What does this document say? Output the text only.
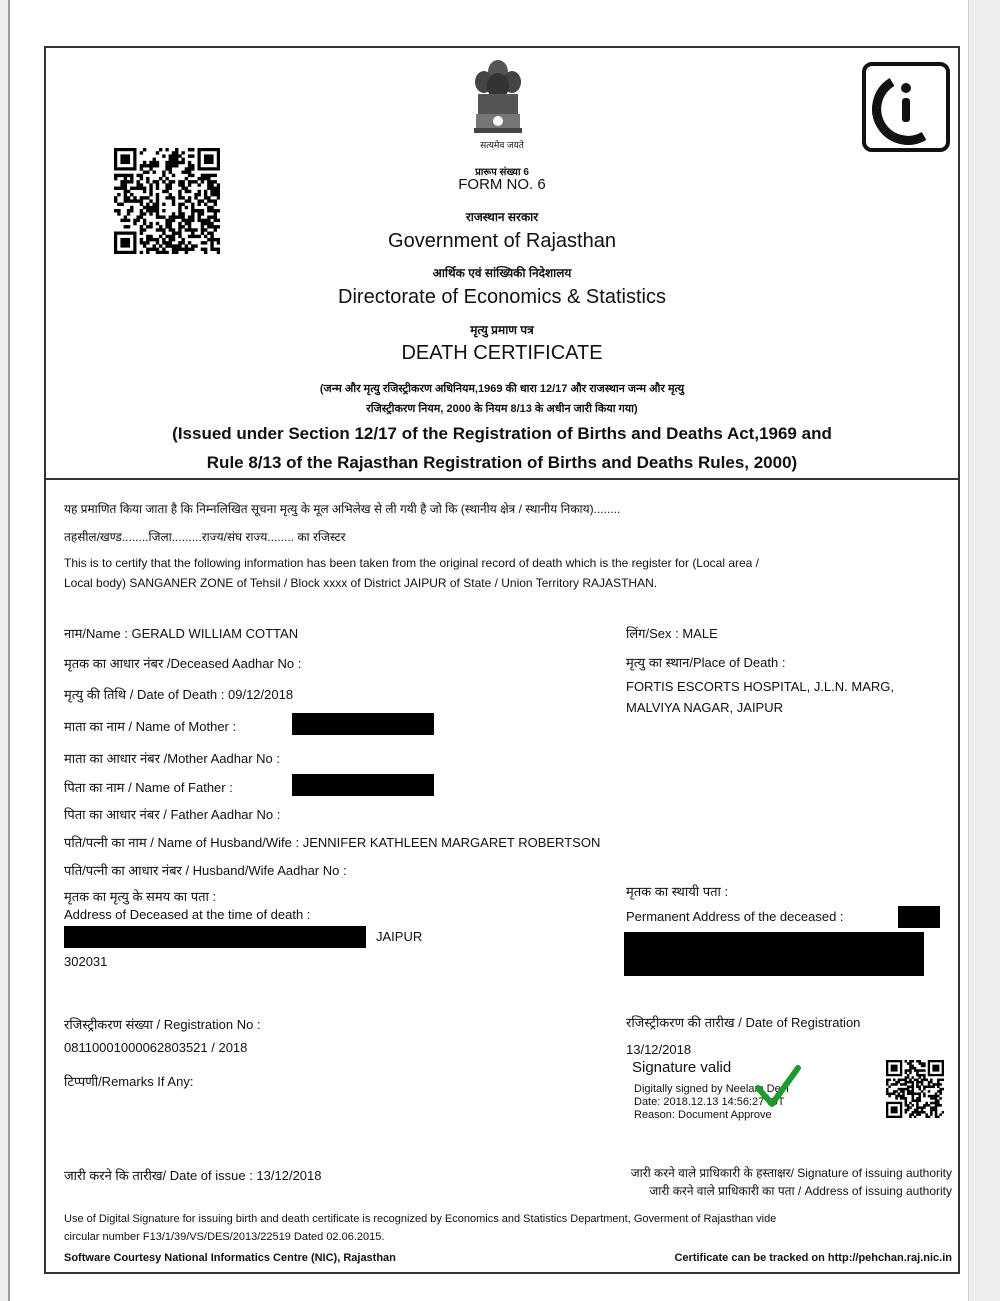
सत्यमेव जयते
प्रारूप संख्या 6
FORM NO. 6
राजस्थान सरकार
Government of Rajasthan
आर्थिक एवं सांख्यिकी निदेशालय
Directorate of Economics & Statistics
मृत्यु प्रमाण पत्र
DEATH CERTIFICATE
(जन्म और मृत्यु रजिस्ट्रीकरण अधिनियम,1969 की धारा 12/17 और राजस्थान जन्म और मृत्यु
रजिस्ट्रीकरण नियम, 2000 के नियम 8/13 के अधीन जारी किया गया)
(Issued under Section 12/17 of the Registration of Births and Deaths Act,1969 and
Rule 8/13 of the Rajasthan Registration of Births and Deaths Rules, 2000)
यह प्रमाणित किया जाता है कि निम्नलिखित सूचना मृत्यु के मूल अभिलेख से ली गयी है जो कि (स्थानीय क्षेत्र / स्थानीय निकाय)........
तहसील/खण्ड........जिला.........राज्य/संघ राज्य........ का रजिस्टर
This is to certify that the following information has been taken from the original record of death which is the register for (Local area /
Local body) SANGANER ZONE of Tehsil / Block xxxx of District JAIPUR of State / Union Territory RAJASTHAN.
नाम/Name : GERALD WILLIAM COTTAN
मृतक का आधार नंबर /Deceased Aadhar No :
मृत्यु की तिथि / Date of Death : 09/12/2018
माता का नाम / Name of Mother :
माता का आधार नंबर /Mother Aadhar No :
पिता का नाम / Name of Father :
पिता का आधार नंबर / Father Aadhar No :
पति/पत्नी का नाम / Name of Husband/Wife : JENNIFER KATHLEEN MARGARET ROBERTSON
पति/पत्नी का आधार नंबर / Husband/Wife Aadhar No :
मृतक का मृत्यु के समय का पता :
Address of Deceased at the time of death :
JAIPUR
302031
रजिस्ट्रीकरण संख्या / Registration No :
08110001000062803521 / 2018
टिप्पणी/Remarks If Any:
जारी करने कि तारीख/ Date of issue : 13/12/2018
लिंग/Sex : MALE
मृत्यु का स्थान/Place of Death :
FORTIS ESCORTS HOSPITAL, J.L.N. MARG,
MALVIYA NAGAR, JAIPUR
मृतक का स्थायी पता :
Permanent Address of the deceased :
रजिस्ट्रीकरण की तारीख / Date of Registration
13/12/2018
Signature valid
Digitally signed by Neelam Devi
Date: 2018.12.13 14:56:27 IST
Reason: Document Approve
जारी करने वाले प्राधिकारी के हस्ताक्षर/ Signature of issuing authority
जारी करने वाले प्राधिकारी का पता / Address of issuing authority
Use of Digital Signature for issuing birth and death certificate is recognized by Economics and Statistics Department, Goverment of Rajasthan vide
circular number F13/1/39/VS/DES/2013/22519 Dated 02.06.2015.
Software Courtesy National Informatics Centre (NIC), Rajasthan	Certificate can be tracked on http://pehchan.raj.nic.in
